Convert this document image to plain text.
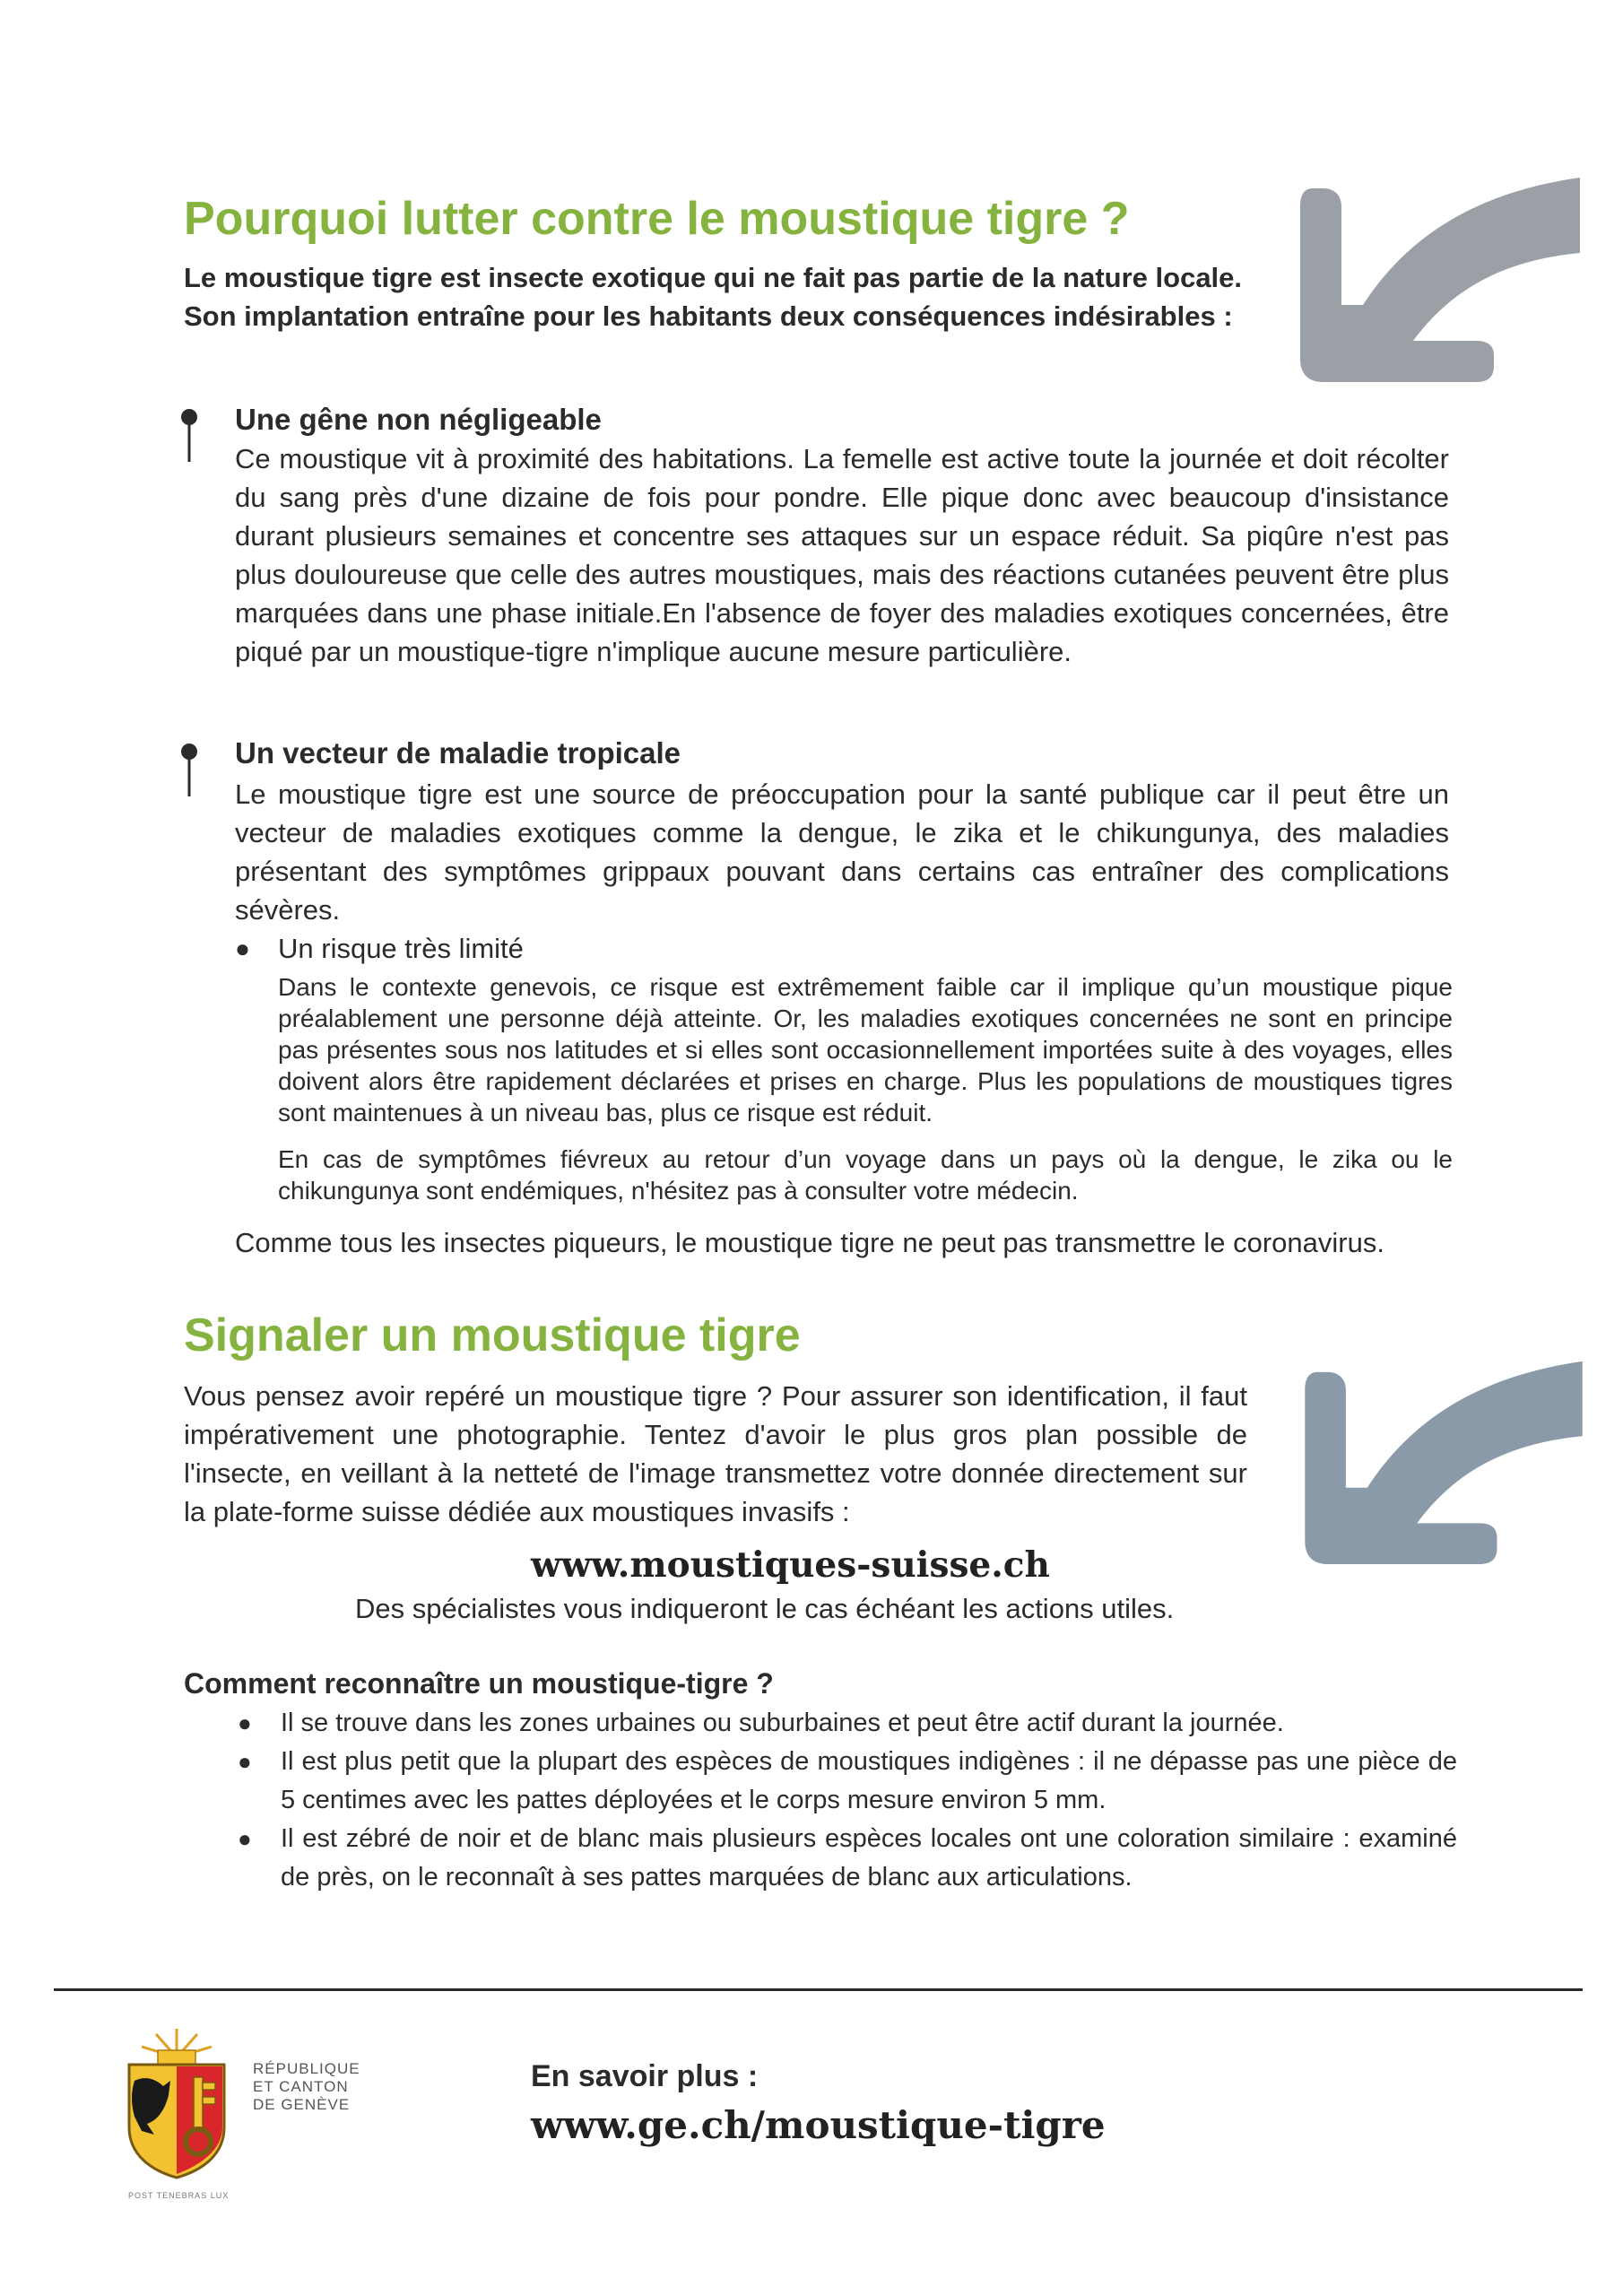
Pourquoi lutter contre le moustique tigre ?

Le moustique tigre est insecte exotique qui ne fait pas partie de la nature locale. Son implantation entraîne pour les habitants deux conséquences indésirables :

Une gêne non négligeable

Ce moustique vit à proximité des habitations. La femelle est active toute la journée et doit récolter du sang près d'une dizaine de fois pour pondre. Elle pique donc avec beaucoup d'insistance durant plusieurs semaines et concentre ses attaques sur un espace réduit. Sa piqûre n'est pas plus douloureuse que celle des autres moustiques, mais des réactions cutanées peuvent être plus marquées dans une phase initiale.En l'absence de foyer des maladies exotiques concernées, être piqué par un moustique-tigre n'implique aucune mesure particulière.

Un vecteur de maladie tropicale

Le moustique tigre est une source de préoccupation pour la santé publique car il peut être un vecteur de maladies exotiques comme la dengue, le zika et le chikungunya, des maladies présentant des symptômes grippaux pouvant dans certains cas entraîner des complications sévères.

● Un risque très limité

Dans le contexte genevois, ce risque est extrêmement faible car il implique qu’un moustique pique préalablement une personne déjà atteinte. Or, les maladies exotiques concernées ne sont en principe pas présentes sous nos latitudes et si elles sont occasionnellement importées suite à des voyages, elles doivent alors être rapidement déclarées et prises en charge. Plus les populations de moustiques tigres sont maintenues à un niveau bas, plus ce risque est réduit.

En cas de symptômes fiévreux au retour d’un voyage dans un pays où la dengue, le zika ou le chikungunya sont endémiques, n'hésitez pas à consulter votre médecin.

Comme tous les insectes piqueurs, le moustique tigre ne peut pas transmettre le coronavirus.

Signaler un moustique tigre

Vous pensez avoir repéré un moustique tigre ? Pour assurer son identification, il faut impérativement une photographie. Tentez d'avoir le plus gros plan possible de l'insecte, en veillant à la netteté de l'image transmettez votre donnée directement sur la plate-forme suisse dédiée aux moustiques invasifs :

www.moustiques-suisse.ch

Des spécialistes vous indiqueront le cas échéant les actions utiles.

Comment reconnaître un moustique-tigre ?

● Il se trouve dans les zones urbaines ou suburbaines et peut être actif durant la journée.
● Il est plus petit que la plupart des espèces de moustiques indigènes : il ne dépasse pas une pièce de 5 centimes avec les pattes déployées et le corps mesure environ 5 mm.
● Il est zébré de noir et de blanc mais plusieurs espèces locales ont une coloration similaire : examiné de près, on le reconnaît à ses pattes marquées de blanc aux articulations.
RÉPUBLIQUE
ET CANTON
DE GENÈVE
POST TENEBRAS LUX
En savoir plus :
www.ge.ch/moustique-tigre
